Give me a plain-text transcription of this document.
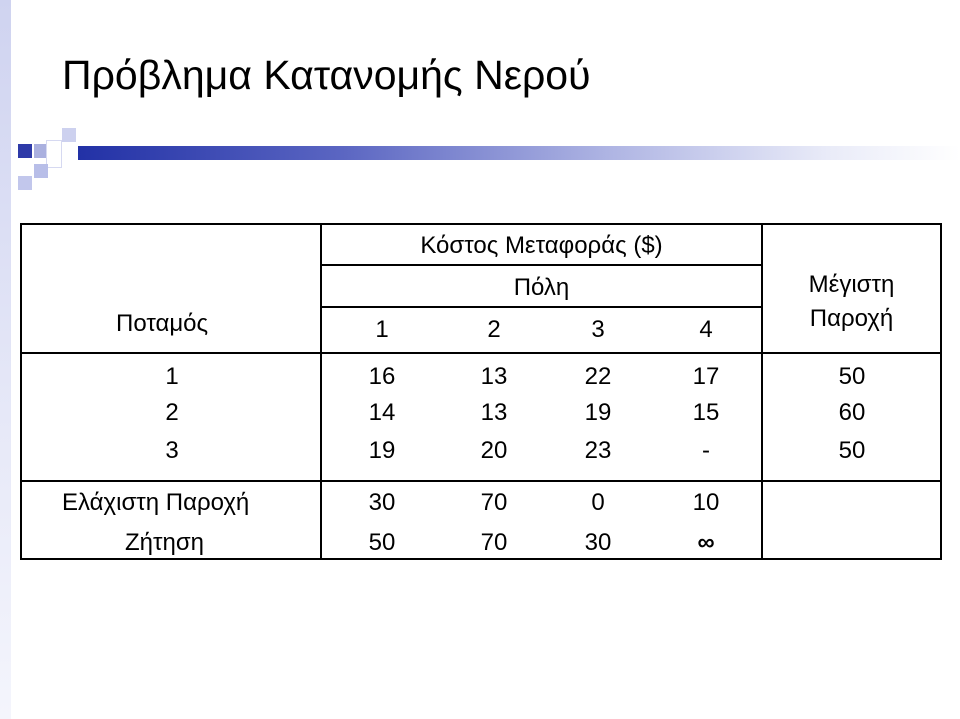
Πρόβλημα Κατανομής Νερού
Κόστος Μεταφοράς ($)
Πόλη
Ποταμός	1	2	3	4
Μέγιστη
Παροχή
1	16	13	22	17	50
2	14	13	19	15	60
3	19	20	23	-	50
Ελάχιστη Παροχή	30	70	0	10
Ζήτηση	50	70	30	∞
